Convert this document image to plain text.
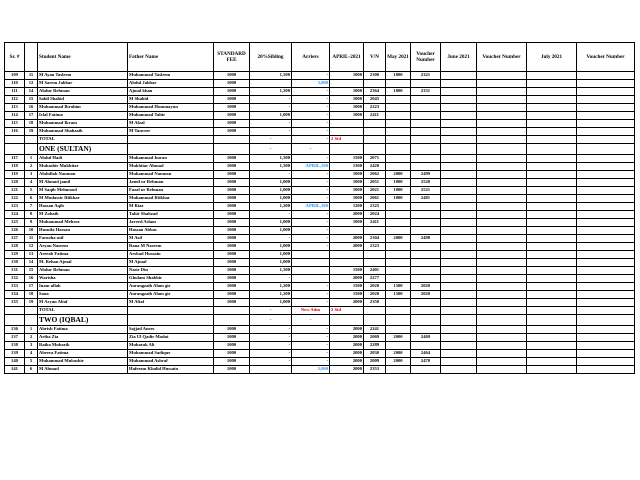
Sr. #		Student Name	Father Name	STANDARD FEE	20%Sibling	Arriers	APRIL-2021	V/N	May 2021	Voucher Number	June 2021	Voucher Number	July 2021	Voucher Number
109	11	M Ayan Tasleem	Muhammad Tasleem	1000	1,500	-	1000	2300	1000	2321				
110	12	M Sarem Jabbar	Abdul Jabbar	1000		3,000								
111	14	Abdur Rehman	Ajmal khan	1000	1,200	-	1000	2364	1000	2331				
112	15	Sahil Shahid	M Shahid	1000	-	-	1000	2045						
113	16	Muhammad Ibrahim	Muhammad Hummayun	1000	-	-	1000	2223						
114	17	Iclal Fatima	Muhammad Tahir	1000	1,000	-	1000	2411						
115	18	Muhammad Ikram	M Afzal	1000	-	-								
116	19	Muhammad Shahzaib	M Tanveer	1000	-	-								
		TOTAL			-	-	2 Std							
		ONE (SULTAN)			-	-								
117	1	Abdul Hadi	Muhammad Imran	1000	1,500	-	1500	2071						
118	2	Mubashir Mukhtiar	Mukhtiar Ahmad	1000	1,500	APRIL,500	1300	2420						
119	3	Abdullah Nauman	Muhammad Nauman	1000	-	-	1000	2062	2000	2499				
120	4	M Ahmad jamil	Jamil ur Rehman	1000	1,000	-	1000	2051	1000	2520				
121	5	M Saqib Mehmood	Fazal ur Rehman	1000	1,000	-	1000	2021	1000	2521				
122	6	M Mudassir Iftikhar	Muhammad Iftikhar	1000	1,000	-	1000	2061	1000	2481				
123	7	Hassan Aqib	M Riaz	1000	1,200	APRIL,300	1200	2325						
124	8	M Zohaib	Tahir Shahzad	1000	-	-	2000	2024						
125	9	Muhammad Mehroz	Javeed Aslam	1000	1,000	-	1000	2411						
126	10	Husnifa Hassan	Hassan Abbas	1000	1,000	-								
127	11	Farooha asif	M Asif	1000	-	-	2000	2304	2000	2498				
128	12	Aeyan Naseem	Rana M Naseem	1000	1,000	-	2000	2323						
129	13	Areeab Fatima	Arshad Hussain	1000	1,000									
130	14	M. Rehan Ajmal	M Ajmal	1000	1,000									
131	15	Abdur Rehman	Nasir Din	1000	1,500		1500	2401						
132	16	Warisha	Ghulam Shabbir	1000	-		2000	2277						
133	17	Inam ullah	Aurangzaib Alam gir	1000	1,200	-	1500	2020	1500	2020				
134	18	Sana	Aurangzaib Alam gir	1000	1,200	-	1500	2020	1500	2020				
135	19	M Aryan Altaf	M Altaf	1000	1,000	-	2000	2350						
		TOTAL			-	New Adm	2 Std							
		TWO (IQBAL)			-	-								
136	1	Abrish Fatima	Sajjad Anees	1000	-	-	2000	2241						
137	2	Ariba Zia	Zia Ul Qadir Madni	1000	-	-	2000	2069	2000	2469				
138	3	Raiba Mubarik	Mubarak Ali	1000	-	-	2000	2289						
139	4	Abeera Fatima	Muhammad Sadique	1000	-	-	2000	2030	2000	2464				
140	5	Muhammad Mubashir	Muhammad Ashraf	1000	-	-	2000	2009	2000	2470				
141	6	M Ahmad	Hafeezm Khalid Hussain	1000		3,000	2000	2353						
